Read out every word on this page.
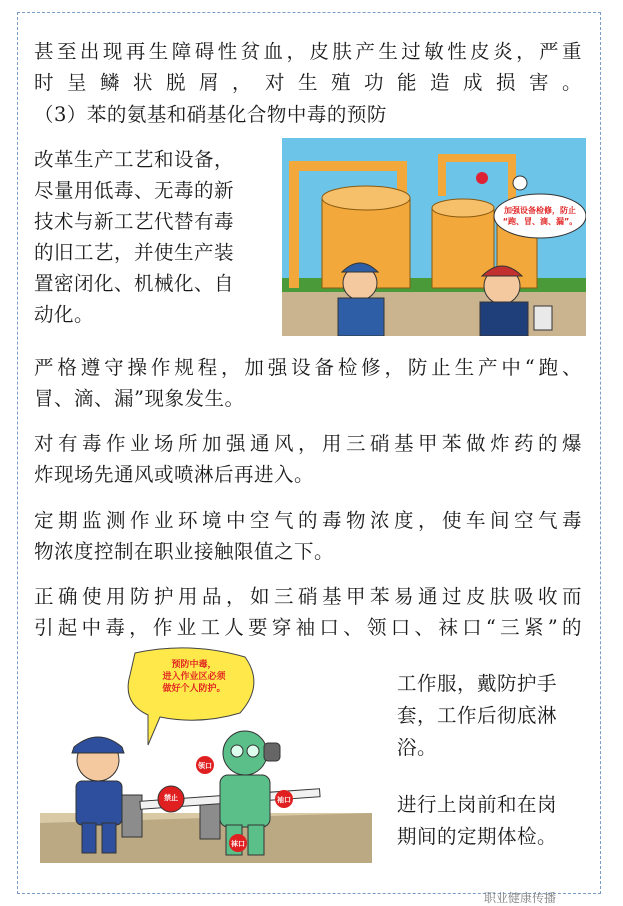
甚至出现再生障碍性贫血，皮肤产生过敏性皮炎，严重

时呈鳞状脱屑，对生殖功能造成损害。

（3）苯的氨基和硝基化合物中毒的预防

改革生产工艺和设备，

尽量用低毒、无毒的新

技术与新工艺代替有毒

的旧工艺，并使生产装

置密闭化、机械化、自

动化。

加强设备检修，防止
“跑、冒、滴、漏”。

严格遵守操作规程，加强设备检修，防止生产中“跑、

冒、滴、漏”现象发生。

对有毒作业场所加强通风，用三硝基甲苯做炸药的爆

炸现场先通风或喷淋后再进入。

定期监测作业环境中空气的毒物浓度，使车间空气毒

物浓度控制在职业接触限值之下。

正确使用防护用品，如三硝基甲苯易通过皮肤吸收而

引起中毒，作业工人要穿袖口、领口、袜口“三紧”的

预防中毒，
进入作业区必须
做好个人防护。
禁止
领口
袖口
袜口

工作服，戴防护手

套，工作后彻底淋

浴。

进行上岗前和在岗

期间的定期体检。

职业健康传播
